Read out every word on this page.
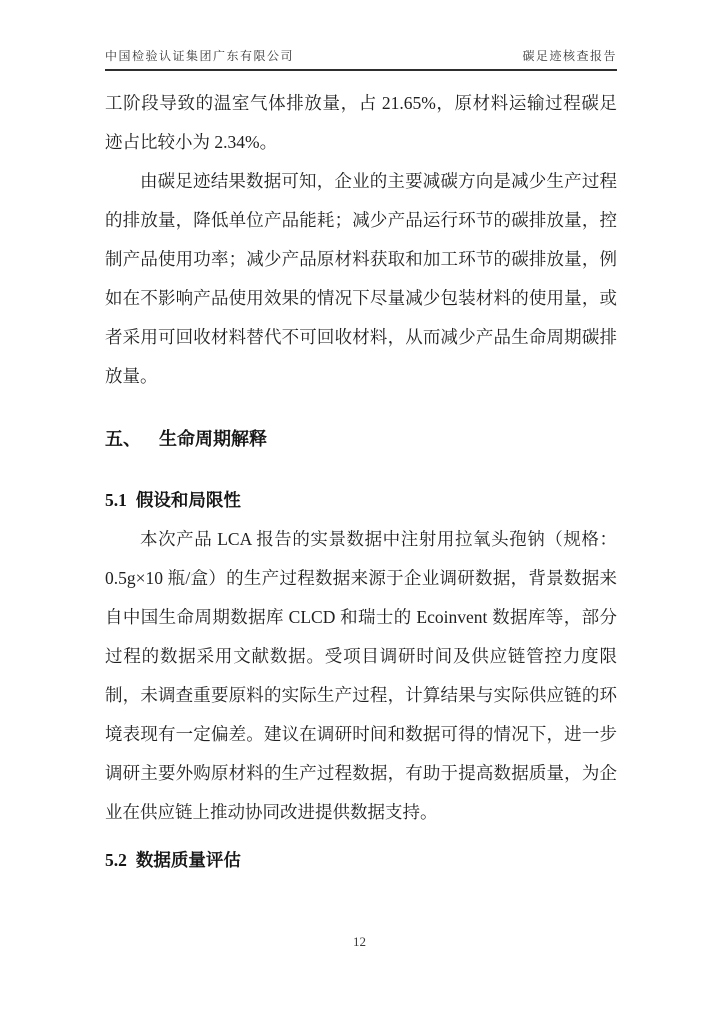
中国检验认证集团广东有限公司	碳足迹核查报告

工阶段导致的温室气体排放量，占 21.65%，原材料运输过程碳足迹占比较小为 2.34%。

由碳足迹结果数据可知，企业的主要减碳方向是减少生产过程的排放量，降低单位产品能耗；减少产品运行环节的碳排放量，控制产品使用功率；减少产品原材料获取和加工环节的碳排放量，例如在不影响产品使用效果的情况下尽量减少包装材料的使用量，或者采用可回收材料替代不可回收材料，从而减少产品生命周期碳排放量。

五、 生命周期解释
5.1 假设和局限性

本次产品 LCA 报告的实景数据中注射用拉氧头孢钠（规格：0.5g×10 瓶/盒）的生产过程数据来源于企业调研数据，背景数据来自中国生命周期数据库 CLCD 和瑞士的 Ecoinvent 数据库等，部分过程的数据采用文献数据。受项目调研时间及供应链管控力度限制，未调查重要原料的实际生产过程，计算结果与实际供应链的环境表现有一定偏差。建议在调研时间和数据可得的情况下，进一步调研主要外购原材料的生产过程数据，有助于提高数据质量，为企业在供应链上推动协同改进提供数据支持。

5.2 数据质量评估
12
